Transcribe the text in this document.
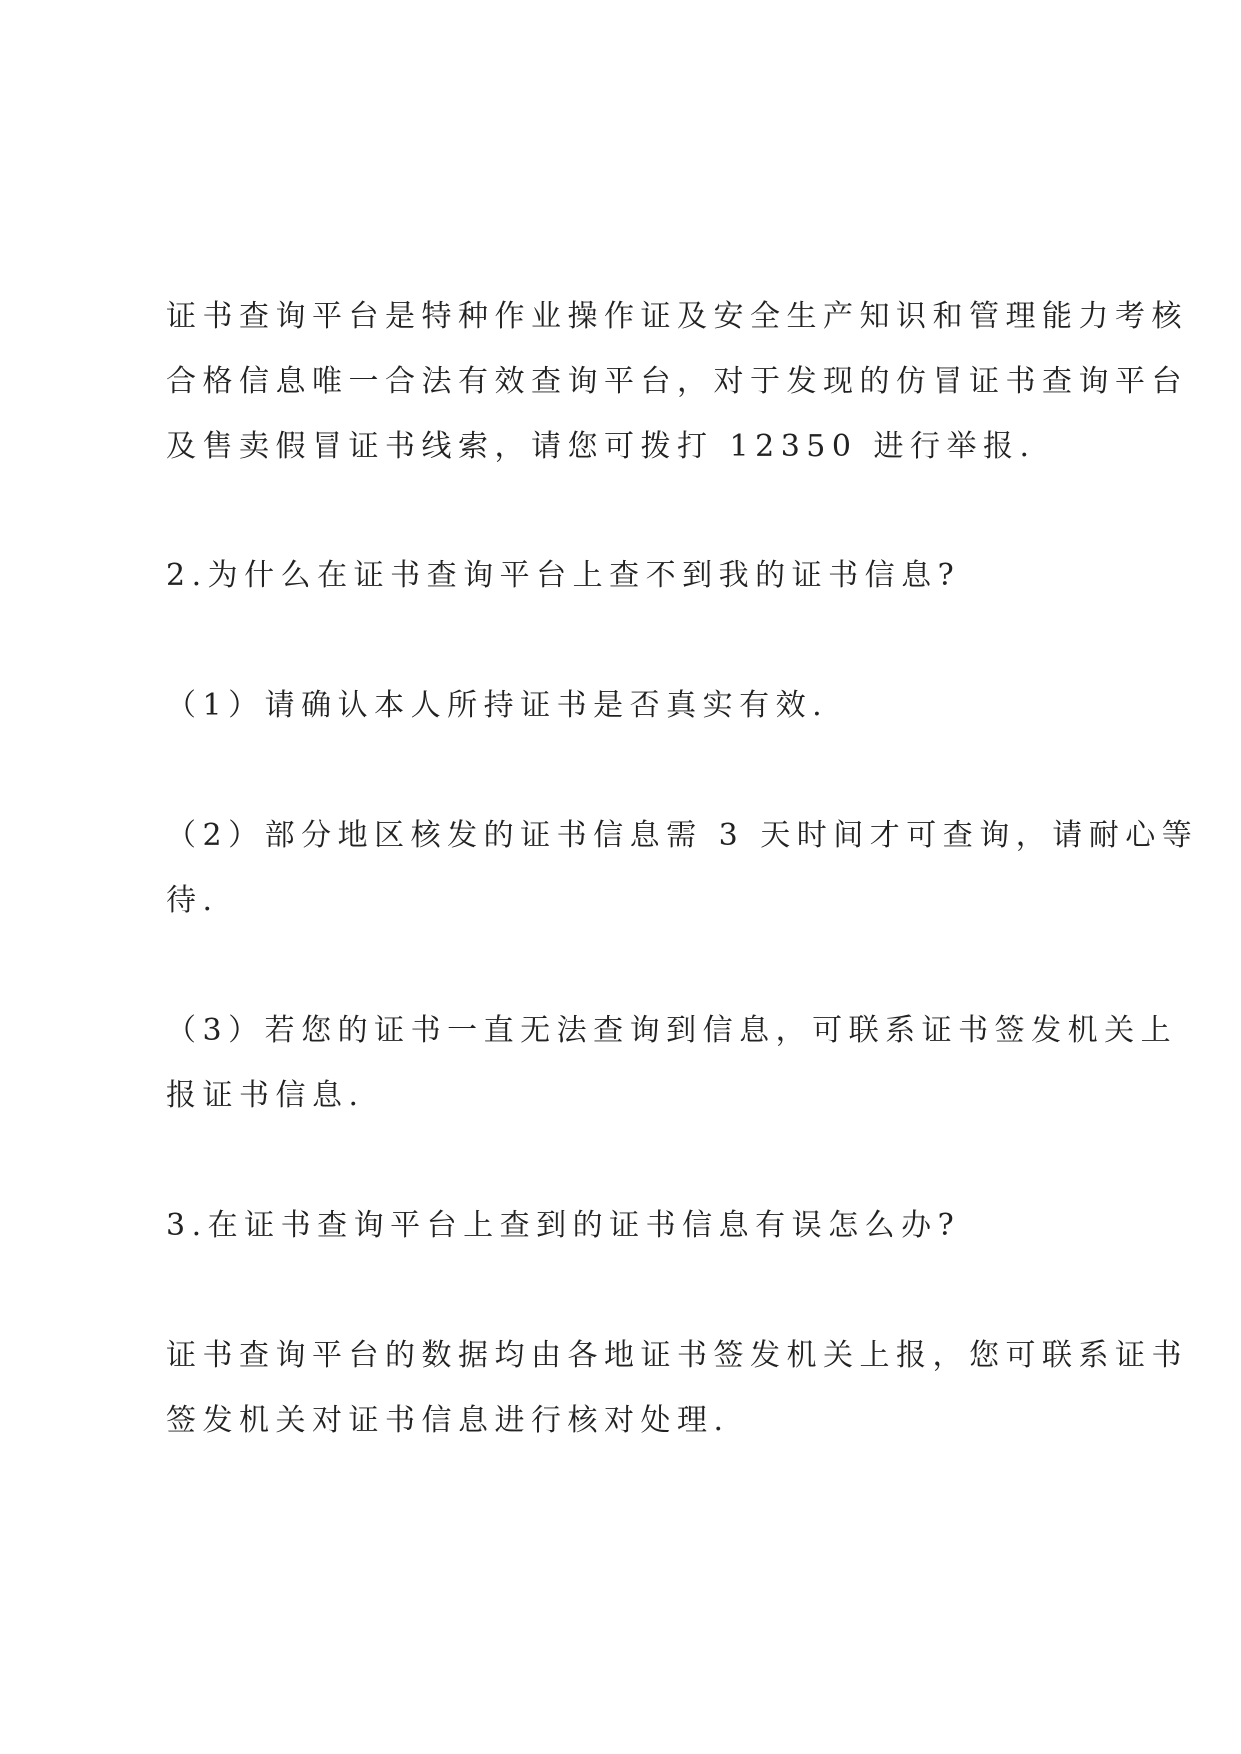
证书查询平台是特种作业操作证及安全生产知识和管理能力考核
合格信息唯一合法有效查询平台，对于发现的仿冒证书查询平台
及售卖假冒证书线索，请您可拨打 12350 进行举报.
2.为什么在证书查询平台上查不到我的证书信息?
（1）请确认本人所持证书是否真实有效.
（2）部分地区核发的证书信息需 3 天时间才可查询，请耐心等
待.
（3）若您的证书一直无法查询到信息，可联系证书签发机关上
报证书信息.
3.在证书查询平台上查到的证书信息有误怎么办?
证书查询平台的数据均由各地证书签发机关上报，您可联系证书
签发机关对证书信息进行核对处理.
